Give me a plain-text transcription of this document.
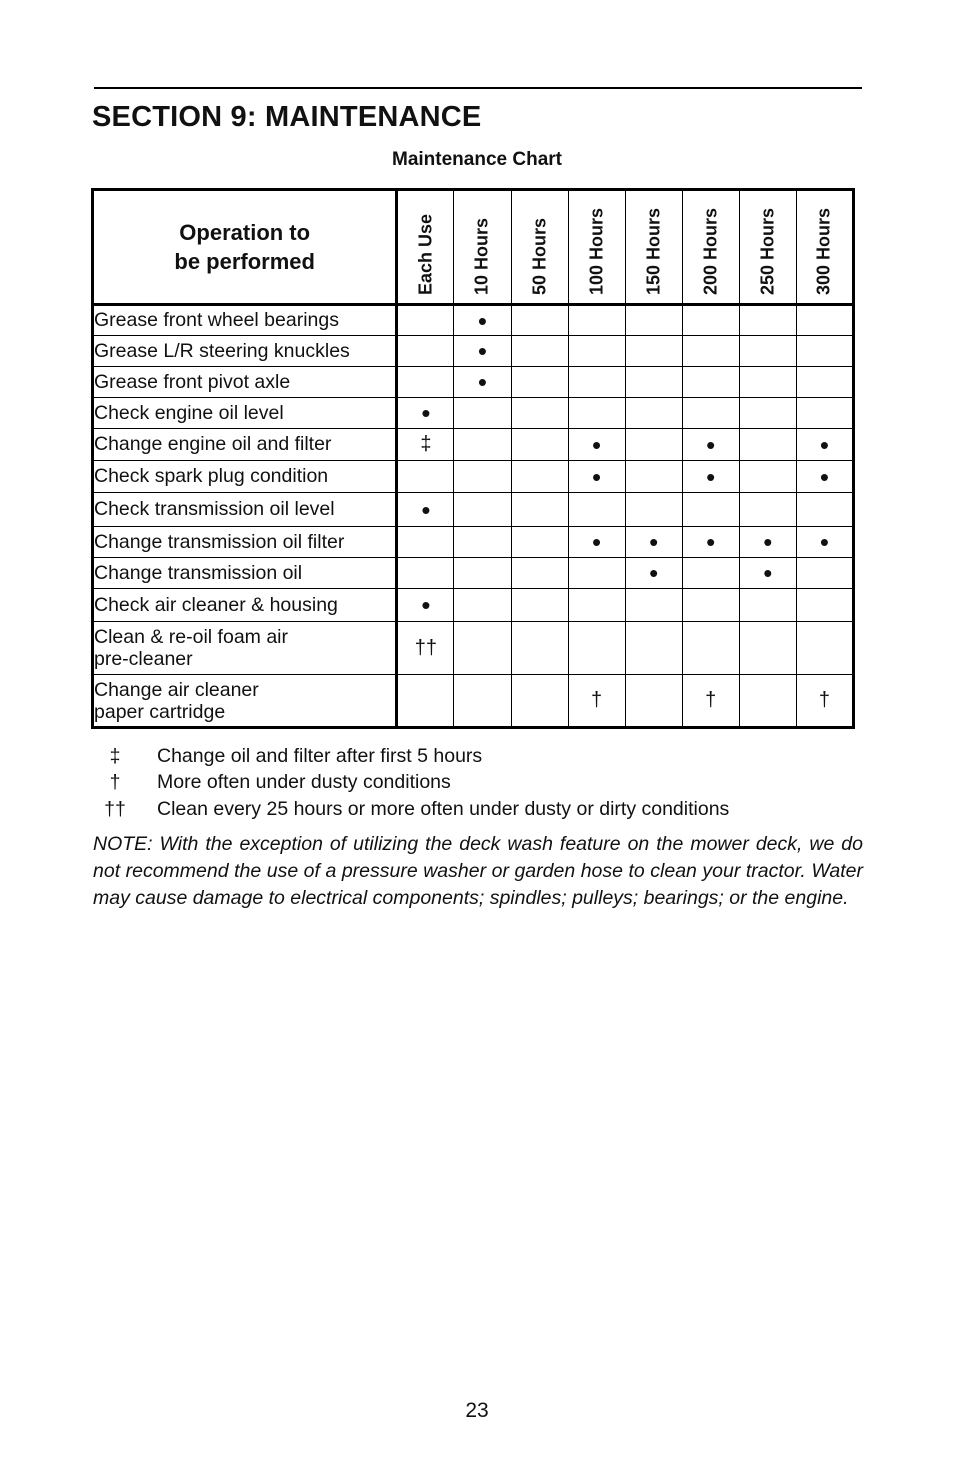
SECTION 9: MAINTENANCE
Maintenance Chart
Operation to
be performed	Each Use	10 Hours	50 Hours	100 Hours	150 Hours	200 Hours	250 Hours	300 Hours

Grease front wheel bearings		•						
Grease L/R steering knuckles		•						
Grease front pivot axle		•						
Check engine oil level	•							
Change engine oil and filter	‡			•		•		•
Check spark plug condition				•		•		•
Check transmission oil level	•							
Change transmission oil filter				•	•	•	•	•
Change transmission oil					•		•	
Check air cleaner & housing	•							
Clean & re-oil foam air
pre-cleaner	††							
Change air cleaner
paper cartridge				†		†		†
‡	Change oil and filter after first 5 hours
†	More often under dusty conditions
††	Clean every 25 hours or more often under dusty or dirty conditions
NOTE: With the exception of utilizing the deck wash feature on the mower deck, we do not recommend the use of a pressure washer or garden hose to clean your tractor. Water may cause damage to electrical components; spindles; pulleys; bearings; or the engine.
23
